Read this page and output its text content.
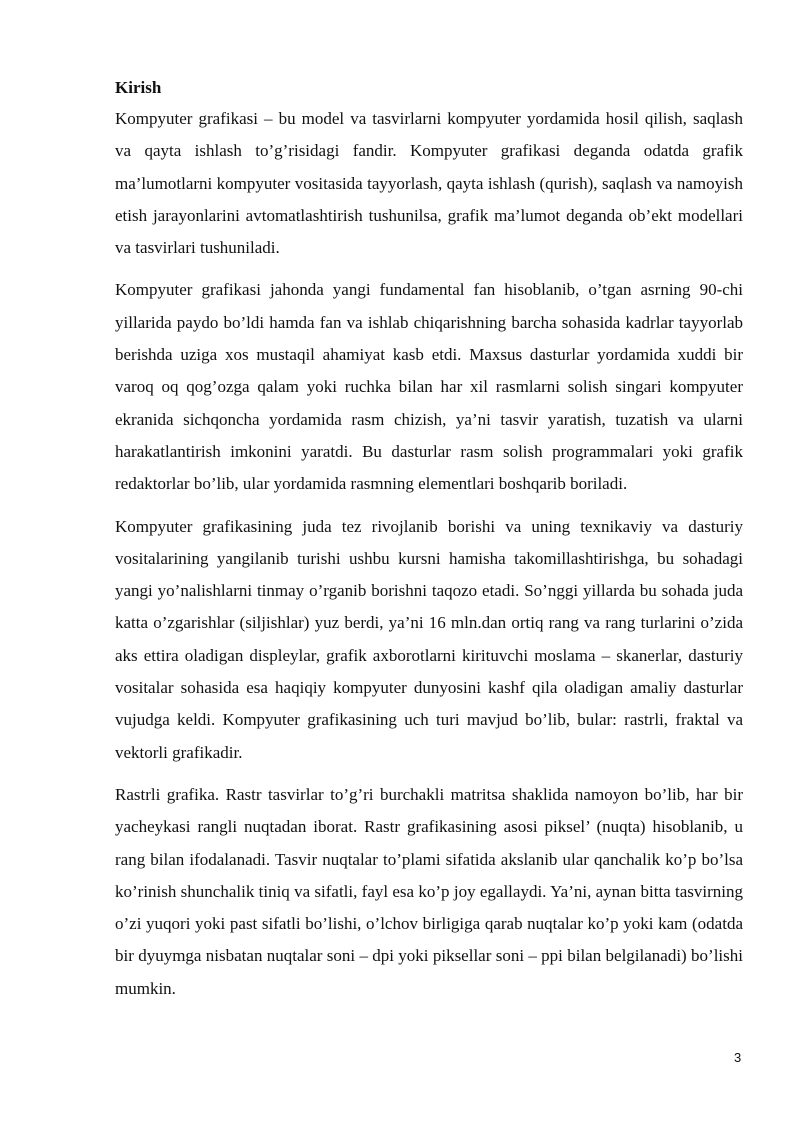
Kirish

Kompyuter grafikasi – bu model va tasvirlarni kompyuter yordamida hosil qilish, saqlash va qayta ishlash to’g’risidagi fandir. Kompyuter grafikasi deganda odatda grafik ma’lumotlarni kompyuter vositasida tayyorlash, qayta ishlash (qurish), saqlash va namoyish etish jarayonlarini avtomatlashtirish tushunilsa, grafik ma’lumot deganda ob’ekt modellari va tasvirlari tushuniladi.

Kompyuter grafikasi jahonda yangi fundamental fan hisoblanib, o’tgan asrning 90-chi yillarida paydo bo’ldi hamda fan va ishlab chiqarishning barcha sohasida kadrlar tayyorlab berishda uziga xos mustaqil ahamiyat kasb etdi. Maxsus dasturlar yordamida xuddi bir varoq oq qog’ozga qalam yoki ruchka bilan har xil rasmlarni solish singari kompyuter ekranida sichqoncha yordamida rasm chizish, ya’ni tasvir yaratish, tuzatish va ularni harakatlantirish imkonini yaratdi. Bu dasturlar rasm solish programmalari yoki grafik redaktorlar bo’lib, ular yordamida rasmning elementlari boshqarib boriladi.

Kompyuter grafikasining juda tez rivojlanib borishi va uning texnikaviy va dasturiy vositalarining yangilanib turishi ushbu kursni hamisha takomillashtirishga, bu sohadagi yangi yo’nalishlarni tinmay o’rganib borishni taqozo etadi. So’nggi yillarda bu sohada juda katta o’zgarishlar (siljishlar) yuz berdi, ya’ni 16 mln.dan ortiq rang va rang turlarini o’zida aks ettira oladigan displeylar, grafik axborotlarni kirituvchi moslama – skanerlar, dasturiy vositalar sohasida esa haqiqiy kompyuter dunyosini kashf qila oladigan amaliy dasturlar vujudga keldi. Kompyuter grafikasining uch turi mavjud bo’lib, bular: rastrli, fraktal va vektorli grafikadir.

Rastrli grafika. Rastr tasvirlar to’g’ri burchakli matritsa shaklida namoyon bo’lib, har bir yacheykasi rangli nuqtadan iborat. Rastr grafikasining asosi piksel’ (nuqta) hisoblanib, u rang bilan ifodalanadi. Tasvir nuqtalar to’plami sifatida akslanib ular qanchalik ko’p bo’lsa ko’rinish shunchalik tiniq va sifatli, fayl esa ko’p joy egallaydi. Ya’ni, aynan bitta tasvirning o’zi yuqori yoki past sifatli bo’lishi, o’lchov birligiga qarab nuqtalar ko’p yoki kam (odatda bir dyuymga nisbatan nuqtalar soni – dpi yoki piksellar soni – ppi bilan belgilanadi) bo’lishi mumkin.

3
